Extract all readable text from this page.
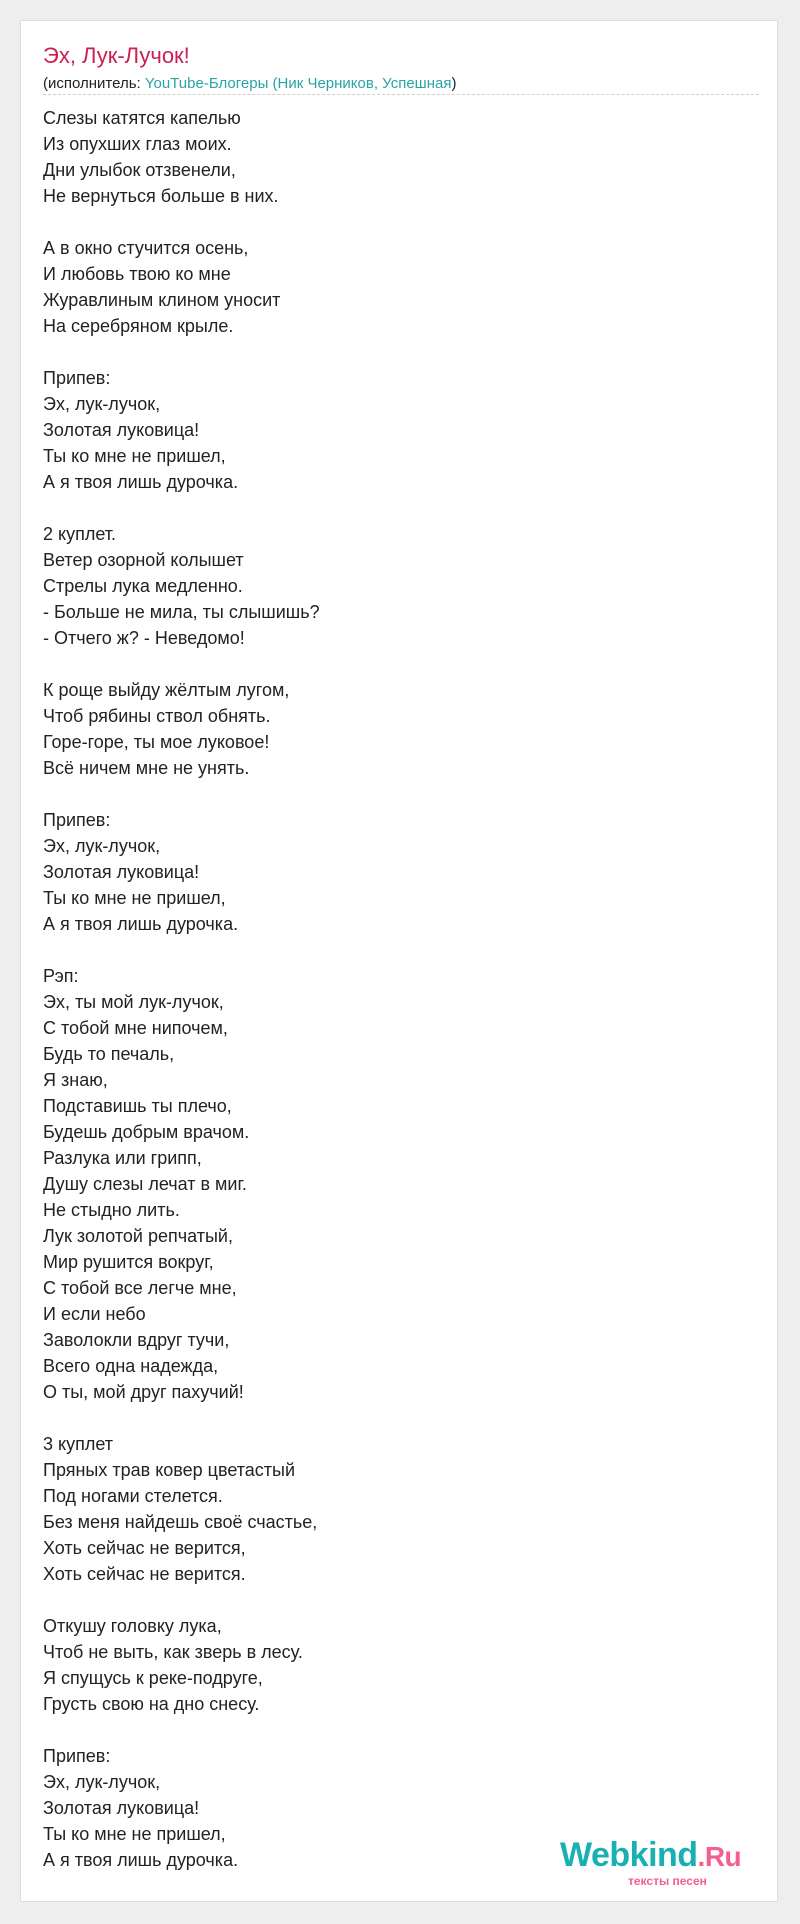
Эх, Лук-Лучок!
(исполнитель: YouTube-Блогеры (Ник Черников, Успешная)
Слезы катятся капелью
Из опухших глаз моих.
Дни улыбок отзвенели,
Не вернуться больше в них.

А в окно стучится осень,
И любовь твою ко мне
Журавлиным клином уносит
На серебряном крыле.

Припев:
Эх, лук-лучок,
Золотая луковица!
Ты ко мне не пришел,
А я твоя лишь дурочка.

2 куплет.
Ветер озорной колышет
Стрелы лука медленно.
- Больше не мила, ты слышишь?
- Отчего ж? - Неведомо!

К роще выйду жёлтым лугом,
Чтоб рябины ствол обнять.
Горе-горе, ты мое луковое!
Всё ничем мне не унять.

Припев:
Эх, лук-лучок,
Золотая луковица!
Ты ко мне не пришел,
А я твоя лишь дурочка.

Рэп:
Эх, ты мой лук-лучок,
С тобой мне нипочем,
Будь то печаль,
Я знаю,
Подставишь ты плечо,
Будешь добрым врачом.
Разлука или грипп,
Душу слезы лечат в миг.
Не стыдно лить.
Лук золотой репчатый,
Мир рушится вокруг,
С тобой все легче мне,
И если небо
Заволокли вдруг тучи,
Всего одна надежда,
О ты, мой друг пахучий!

3 куплет
Пряных трав ковер цветастый
Под ногами стелется.
Без меня найдешь своё счастье,
Хоть сейчас не верится,
Хоть сейчас не верится.

Откушу головку лука,
Чтоб не выть, как зверь в лесу.
Я спущусь к реке-подруге,
Грусть свою на дно снесу.

Припев:
Эх, лук-лучок,
Золотая луковица!
Ты ко мне не пришел,
А я твоя лишь дурочка.	Webkind.Ru
тексты песен
